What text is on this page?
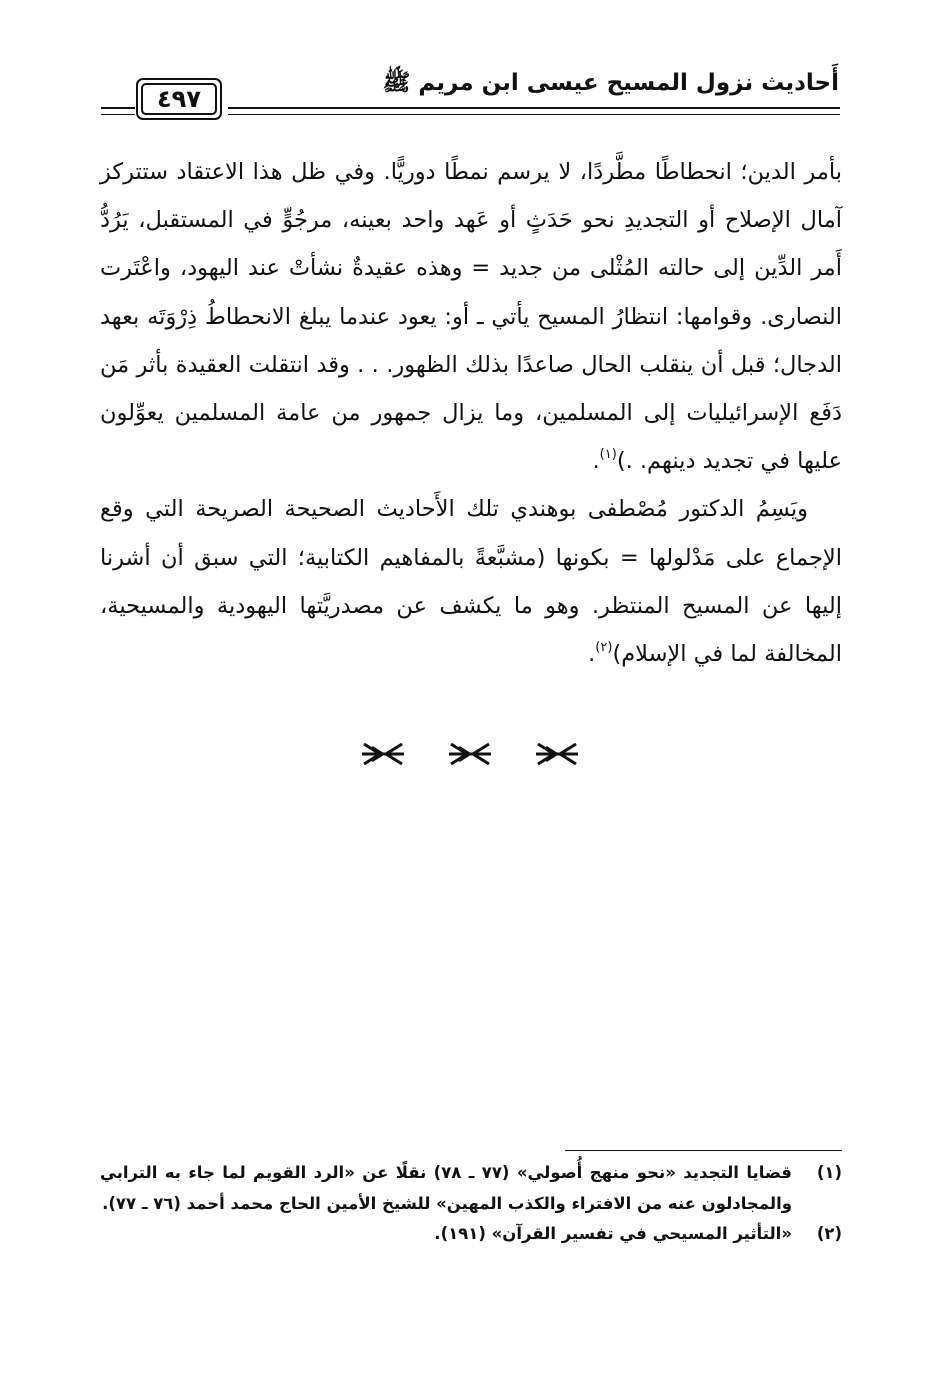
أَحاديث نزول المسيح عيسى ابن مريم ﷺ
٤٩٧

بأمر الدين؛ انحطاطًا مطَّردًا، لا يرسم نمطًا دوريًّا. وفي ظل هذا الاعتقاد ستتركز آمال الإصلاح أو التجديدِ نحو حَدَثٍ أو عَهد واحد بعينه، مرجُوٍّ في المستقبل، يَرُدُّ أَمر الدِّين إلى حالته المُثْلى من جديد = وهذه عقيدةٌ نشأتْ عند اليهود، واعْتَرت النصارى. وقوامها: انتظارُ المسيح يأتي ـ أو: يعود عندما يبلغ الانحطاطُ ذِرْوَتَه بعهد الدجال؛ قبل أن ينقلب الحال صاعدًا بذلك الظهور. . . وقد انتقلت العقيدة بأثر مَن دَفَع الإسرائيليات إلى المسلمين، وما يزال جمهور من عامة المسلمين يعوِّلون عليها في تجديد دينهم. .)$^{(١)}$.

ويَسِمُ الدكتور مُصْطفى بوهندي تلك الأَحاديث الصحيحة الصريحة التي وقع الإجماع على مَدْلولها = بكونها (مشبَّعةً بالمفاهيم الكتابية؛ التي سبق أن أشرنا إليها عن المسيح المنتظر. وهو ما يكشف عن مصدريَّتها اليهودية والمسيحية، المخالفة لما في الإسلام)$^{(٢)}$.

(١)
قضايا التجديد «نحو منهج أُصولي» (٧٧ ـ ٧٨) نقلًا عن «الرد القويم لما جاء به الترابي والمجادلون عنه من الافتراء والكذب المهين» للشيخ الأمين الحاج محمد أحمد (٧٦ ـ ٧٧).
(٢)
«التأثير المسيحي في تفسير القرآن» (١٩١).
